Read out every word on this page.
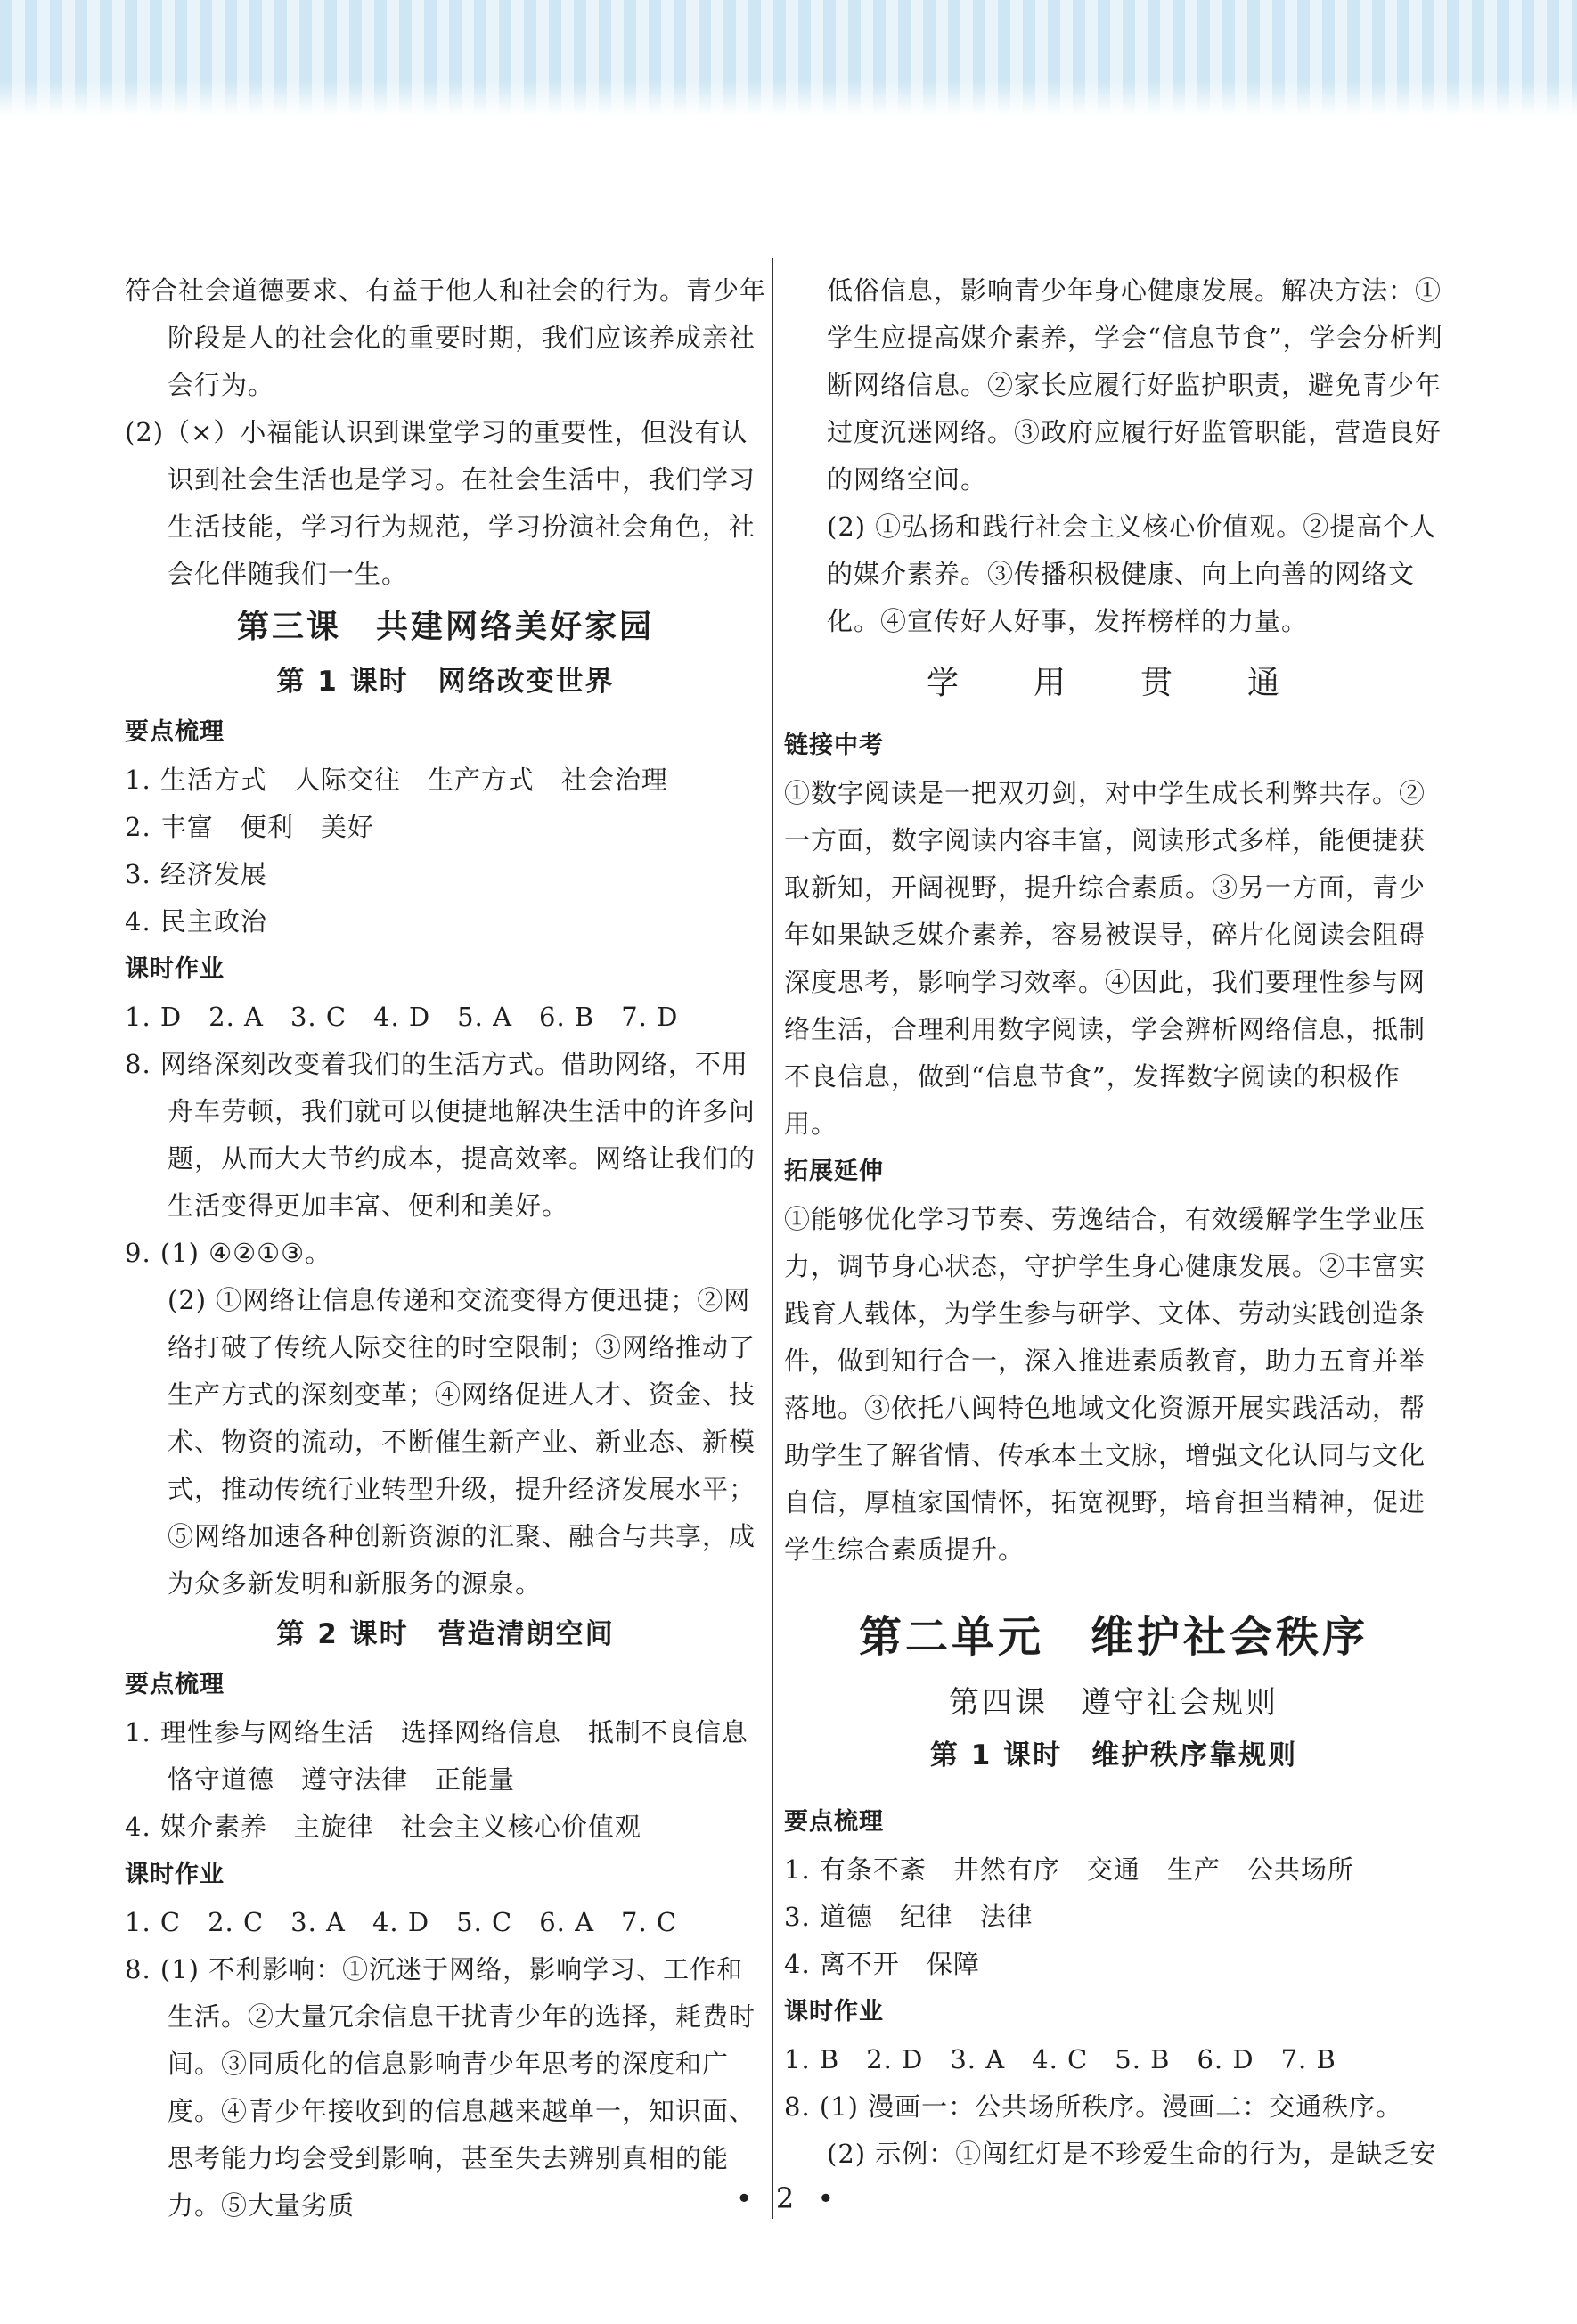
符合社会道德要求、有益于他人和社会的行为。青少年阶段是人的社会化的重要时期，我们应该养成亲社会行为。

(2)（×）小福能认识到课堂学习的重要性，但没有认识到社会生活也是学习。在社会生活中，我们学习生活技能，学习行为规范，学习扮演社会角色，社会化伴随我们一生。

第三课　共建网络美好家园
第 1 课时　网络改变世界
要点梳理
1. 生活方式　人际交往　生产方式　社会治理
2. 丰富　便利　美好
3. 经济发展
4. 民主政治
课时作业
1. D　2. A　3. C　4. D　5. A　6. B　7. D

8. 网络深刻改变着我们的生活方式。借助网络，不用舟车劳顿，我们就可以便捷地解决生活中的许多问题，从而大大节约成本，提高效率。网络让我们的生活变得更加丰富、便利和美好。

9. (1) ④②①③。

(2) ①网络让信息传递和交流变得方便迅捷；②网络打破了传统人际交往的时空限制；③网络推动了生产方式的深刻变革；④网络促进人才、资金、技术、物资的流动，不断催生新产业、新业态、新模式，推动传统行业转型升级，提升经济发展水平；⑤网络加速各种创新资源的汇聚、融合与共享，成为众多新发明和新服务的源泉。

第 2 课时　营造清朗空间
要点梳理
1. 理性参与网络生活　选择网络信息　抵制不良信息
恪守道德　遵守法律　正能量
4. 媒介素养　主旋律　社会主义核心价值观
课时作业
1. C　2. C　3. A　4. D　5. C　6. A　7. C

8. (1) 不利影响：①沉迷于网络，影响学习、工作和生活。②大量冗余信息干扰青少年的选择，耗费时间。③同质化的信息影响青少年思考的深度和广度。④青少年接收到的信息越来越单一，知识面、思考能力均会受到影响，甚至失去辨别真相的能力。⑤大量劣质

低俗信息，影响青少年身心健康发展。解决方法：①学生应提高媒介素养，学会“信息节食”，学会分析判断网络信息。②家长应履行好监护职责，避免青少年过度沉迷网络。③政府应履行好监管职能，营造良好的网络空间。

(2) ①弘扬和践行社会主义核心价值观。②提高个人的媒介素养。③传播积极健康、向上向善的网络文化。④宣传好人好事，发挥榜样的力量。

学　用　贯　通
链接中考

①数字阅读是一把双刃剑，对中学生成长利弊共存。②一方面，数字阅读内容丰富，阅读形式多样，能便捷获取新知，开阔视野，提升综合素质。③另一方面，青少年如果缺乏媒介素养，容易被误导，碎片化阅读会阻碍深度思考，影响学习效率。④因此，我们要理性参与网络生活，合理利用数字阅读，学会辨析网络信息，抵制不良信息，做到“信息节食”，发挥数字阅读的积极作用。

拓展延伸

①能够优化学习节奏、劳逸结合，有效缓解学生学业压力，调节身心状态，守护学生身心健康发展。②丰富实践育人载体，为学生参与研学、文体、劳动实践创造条件，做到知行合一，深入推进素质教育，助力五育并举落地。③依托八闽特色地域文化资源开展实践活动，帮助学生了解省情、传承本土文脉，增强文化认同与文化自信，厚植家国情怀，拓宽视野，培育担当精神，促进学生综合素质提升。

第二单元　维护社会秩序
第四课　遵守社会规则
第 1 课时　维护秩序靠规则
要点梳理
1. 有条不紊　井然有序　交通　生产　公共场所
3. 道德　纪律　法律
4. 离不开　保障
课时作业
1. B　2. D　3. A　4. C　5. B　6. D　7. B

8. (1) 漫画一：公共场所秩序。漫画二：交通秩序。

(2) 示例：①闯红灯是不珍爱生命的行为，是缺乏安

• 2 •
